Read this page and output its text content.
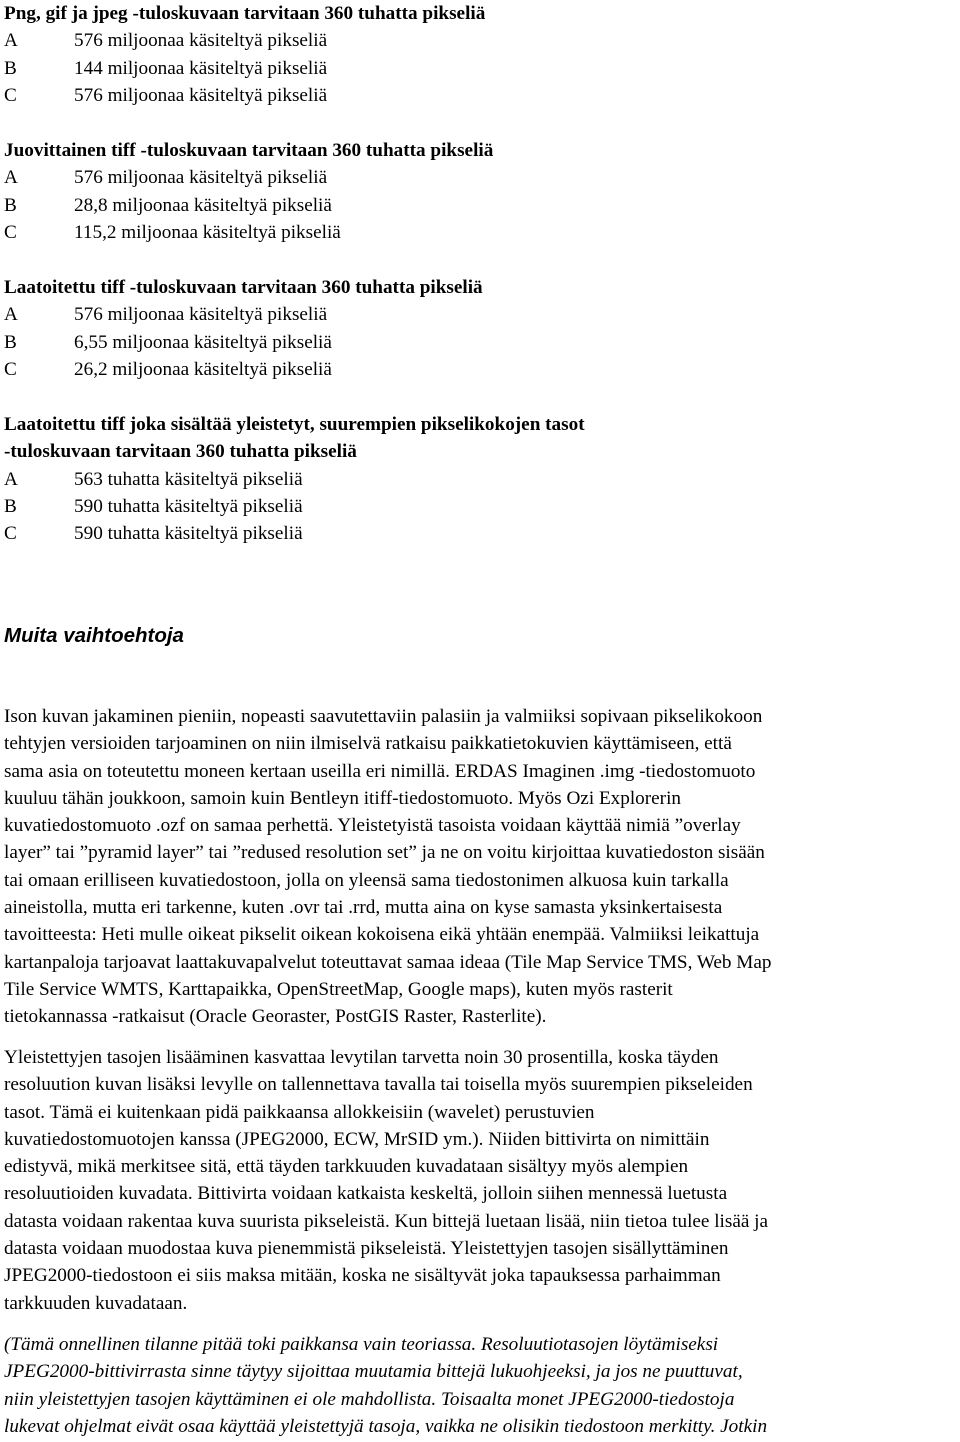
Png, gif ja jpeg -tuloskuvaan tarvitaan 360 tuhatta pikseliä
A	576 miljoonaa käsiteltyä pikseliä
B	144 miljoonaa käsiteltyä pikseliä
C	576 miljoonaa käsiteltyä pikseliä
Juovittainen tiff -tuloskuvaan tarvitaan 360 tuhatta pikseliä
A	576 miljoonaa käsiteltyä pikseliä
B	28,8 miljoonaa käsiteltyä pikseliä
C	115,2 miljoonaa käsiteltyä pikseliä
Laatoitettu tiff -tuloskuvaan tarvitaan 360 tuhatta pikseliä
A	576 miljoonaa käsiteltyä pikseliä
B	6,55 miljoonaa käsiteltyä pikseliä
C	26,2 miljoonaa käsiteltyä pikseliä
Laatoitettu tiff joka sisältää yleistetyt, suurempien pikselikokojen tasot
-tuloskuvaan tarvitaan 360 tuhatta pikseliä
A	563 tuhatta käsiteltyä pikseliä
B	590 tuhatta käsiteltyä pikseliä
C	590 tuhatta käsiteltyä pikseliä
Muita vaihtoehtoja
Ison kuvan jakaminen pieniin, nopeasti saavutettaviin palasiin ja valmiiksi sopivaan pikselikokoon
tehtyjen versioiden tarjoaminen on niin ilmiselvä ratkaisu paikkatietokuvien käyttämiseen, että
sama asia on toteutettu moneen kertaan useilla eri nimillä. ERDAS Imaginen .img -tiedostomuoto
kuuluu tähän joukkoon, samoin kuin Bentleyn itiff-tiedostomuoto. Myös Ozi Explorerin
kuvatiedostomuoto .ozf on samaa perhettä. Yleistetyistä tasoista voidaan käyttää nimiä ”overlay
layer” tai ”pyramid layer” tai ”redused resolution set” ja ne on voitu kirjoittaa kuvatiedoston sisään
tai omaan erilliseen kuvatiedostoon, jolla on yleensä sama tiedostonimen alkuosa kuin tarkalla
aineistolla, mutta eri tarkenne, kuten .ovr tai .rrd, mutta aina on kyse samasta yksinkertaisesta
tavoitteesta: Heti mulle oikeat pikselit oikean kokoisena eikä yhtään enempää. Valmiiksi leikattuja
kartanpaloja tarjoavat laattakuvapalvelut toteuttavat samaa ideaa (Tile Map Service TMS, Web Map
Tile Service WMTS, Karttapaikka, OpenStreetMap, Google maps), kuten myös rasterit
tietokannassa -ratkaisut (Oracle Georaster, PostGIS Raster, Rasterlite).
Yleistettyjen tasojen lisääminen kasvattaa levytilan tarvetta noin 30 prosentilla, koska täyden
resoluution kuvan lisäksi levylle on tallennettava tavalla tai toisella myös suurempien pikseleiden
tasot. Tämä ei kuitenkaan pidä paikkaansa allokkeisiin (wavelet) perustuvien
kuvatiedostomuotojen kanssa (JPEG2000, ECW, MrSID ym.). Niiden bittivirta on nimittäin
edistyvä, mikä merkitsee sitä, että täyden tarkkuuden kuvadataan sisältyy myös alempien
resoluutioiden kuvadata. Bittivirta voidaan katkaista keskeltä, jolloin siihen mennessä luetusta
datasta voidaan rakentaa kuva suurista pikseleistä. Kun bittejä luetaan lisää, niin tietoa tulee lisää ja
datasta voidaan muodostaa kuva pienemmistä pikseleistä. Yleistettyjen tasojen sisällyttäminen
JPEG2000-tiedostoon ei siis maksa mitään, koska ne sisältyvät joka tapauksessa parhaimman
tarkkuuden kuvadataan.
(Tämä onnellinen tilanne pitää toki paikkansa vain teoriassa. Resoluutiotasojen löytämiseksi
JPEG2000-bittivirrasta sinne täytyy sijoittaa muutamia bittejä lukuohjeeksi, ja jos ne puuttuvat,
niin yleistettyjen tasojen käyttäminen ei ole mahdollista. Toisaalta monet JPEG2000-tiedostoja
lukevat ohjelmat eivät osaa käyttää yleistettyjä tasoja, vaikka ne olisikin tiedostoon merkitty. Jotkin
